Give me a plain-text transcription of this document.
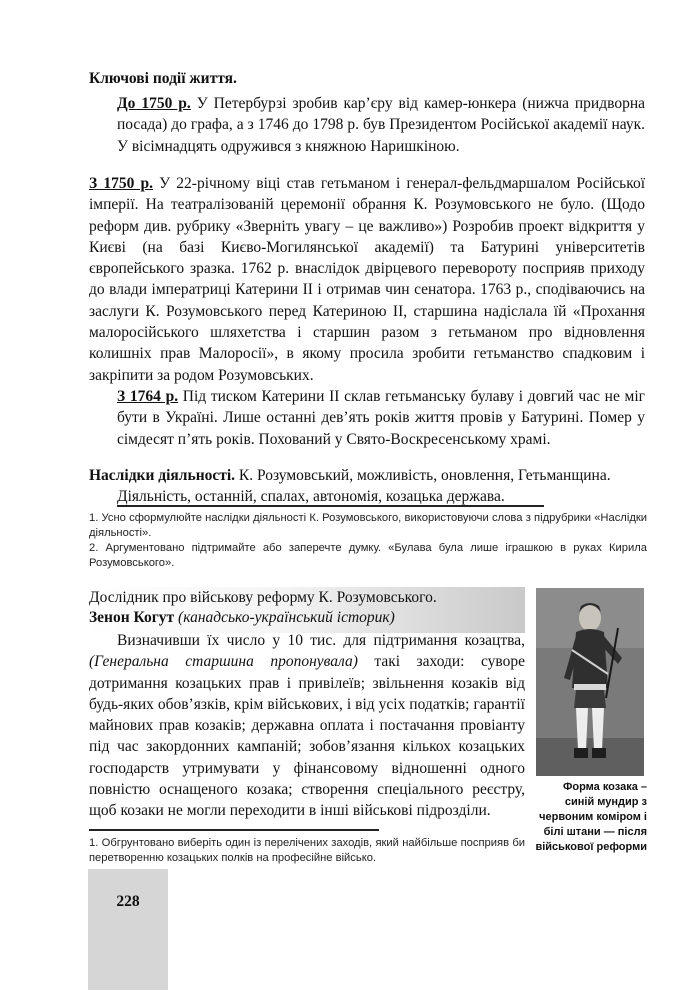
Ключові події життя.
До 1750 р. У Петербурзі зробив кар’єру від камер-юнкера (нижча придворна посада) до графа, а з 1746 до 1798 р. був Президентом Російської академії наук. У вісімнадцять одружився з княжною Наришкіною.
З 1750 р. У 22-річному віці став гетьманом і генерал-фельдмаршалом Російської імперії. На театралізованій церемонії обрання К. Розумовського не було. (Щодо реформ див. рубрику «Зверніть увагу – це важливо») Розробив проект відкриття у Києві (на базі Києво-Могилянської академії) та Батурині університетів європейського зразка. 1762 р. внаслідок двірцевого перевороту посприяв приходу до влади імператриці Катерини II і отримав чин сенатора. 1763 р., сподіваючись на заслуги К. Розумовського перед Катериною II, старшина надіслала їй «Прохання малоросійського шляхетства і старшин разом з гетьманом про відновлення колишніх прав Малоросії», в якому просила зробити гетьманство спадковим і закріпити за родом Розумовських.
З 1764 р. Під тиском Катерини II склав гетьманську булаву і довгий час не міг бути в Україні. Лише останні дев’ять років життя провів у Батурині. Помер у сімдесят п’ять років. Похований у Свято-Воскресенському храмі.
Наслідки діяльності. К. Розумовський, можливість, оновлення, Гетьманщина.
Діяльність, останній, спалах, автономія, козацька держава.
1. Усно сформулюйте наслідки діяльності К. Розумовського, використовуючи слова з підрубрики «Наслідки діяльності».
2. Аргументовано підтримайте або заперечте думку. «Булава була лише іграшкою в руках Кирила Розумовського».
Дослідник про військову реформу К. Розумовського.
Зенон Когут (канадсько-український історик)
Визначивши їх число у 10 тис. для підтримання козацтва, (Генеральна старшина пропонувала) такі заходи: суворе дотримання козацьких прав і привілеїв; звільнення козаків від будь-яких обов’язків, крім військових, і від усіх податків; гарантії майнових прав козаків; державна оплата і постачання провіанту під час закордонних кампаній; зобов’язання кількох козацьких господарств утримувати у фінансовому відношенні одного повністю оснащеного козака; створення спеціального реєстру, щоб козаки не могли переходити в інші військові підрозділи.
Форма козака – синій мундир з червоним коміром і білі штани — після військової реформи
1. Обгрунтовано виберіть один із перелічених заходів, який найбільше посприяв би перетворенню козацьких полків на професійне військо.
228
